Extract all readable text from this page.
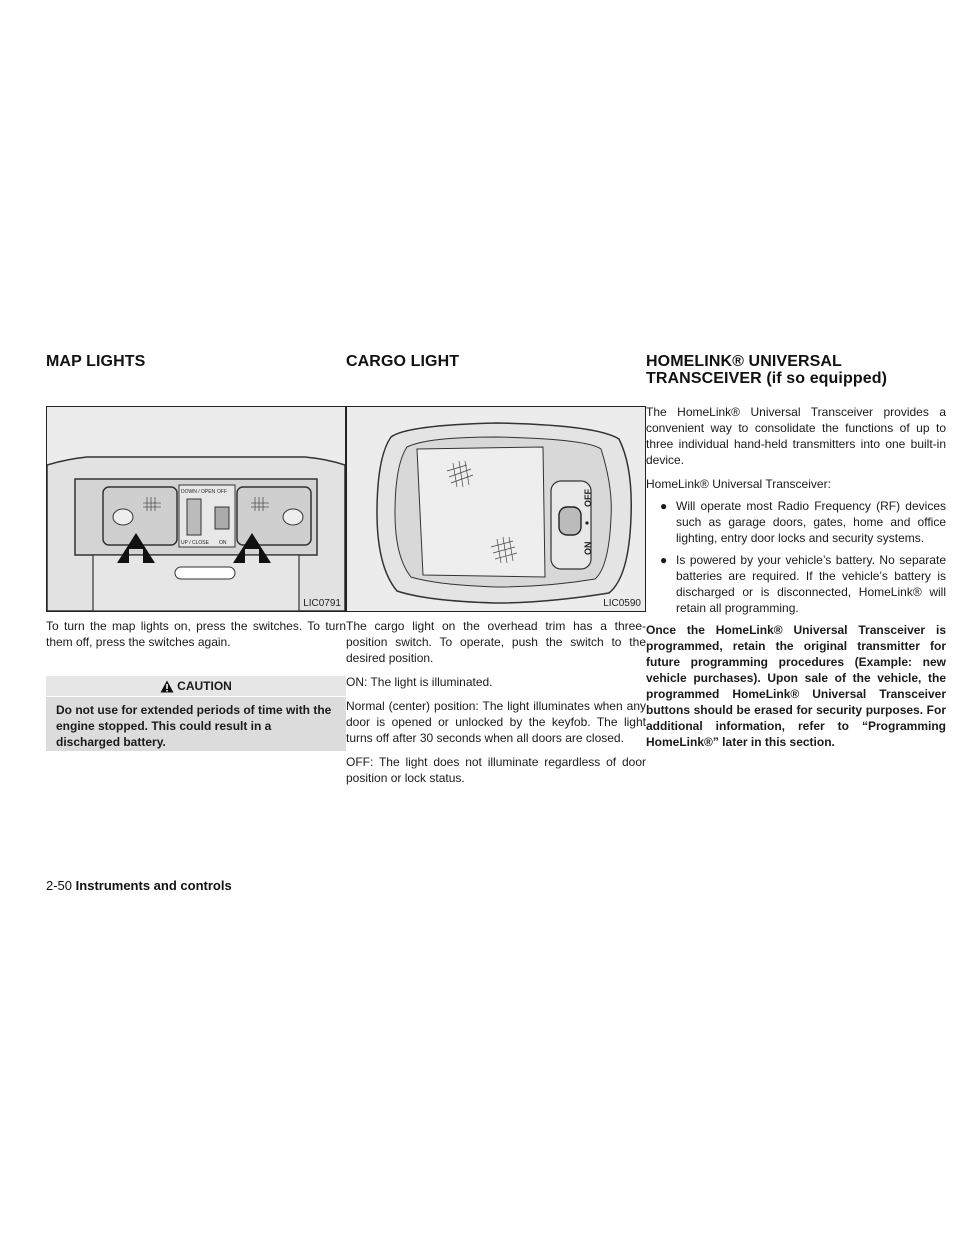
MAP LIGHTS	CARGO LIGHT	HOMELINK® UNIVERSAL
TRANSCEIVER (if so equipped)
DOWN / OPEN OFF
UP / CLOSE ON
LIC0791
OFF
ON
LIC0590

To turn the map lights on, press the switches. To turn them off, press the switches again.

CAUTION
Do not use for extended periods of time with the engine stopped. This could result in a discharged battery.

The cargo light on the overhead trim has a three-position switch. To operate, push the switch to the desired position.

ON: The light is illuminated.

Normal (center) position: The light illuminates when any door is opened or unlocked by the keyfob. The light turns off after 30 seconds when all doors are closed.

OFF: The light does not illuminate regardless of door position or lock status.

The HomeLink® Universal Transceiver provides a convenient way to consolidate the functions of up to three individual hand-held transmitters into one built-in device.

HomeLink® Universal Transceiver:

● Will operate most Radio Frequency (RF) devices such as garage doors, gates, home and office lighting, entry door locks and security systems.
● Is powered by your vehicle’s battery. No separate batteries are required. If the vehicle’s battery is discharged or is disconnected, HomeLink® will retain all programming.

Once the HomeLink® Universal Transceiver is programmed, retain the original transmitter for future programming procedures (Example: new vehicle purchases). Upon sale of the vehicle, the programmed HomeLink® Universal Transceiver buttons should be erased for security purposes. For additional information, refer to “Programming HomeLink®” later in this section.

2-50 Instruments and controls
